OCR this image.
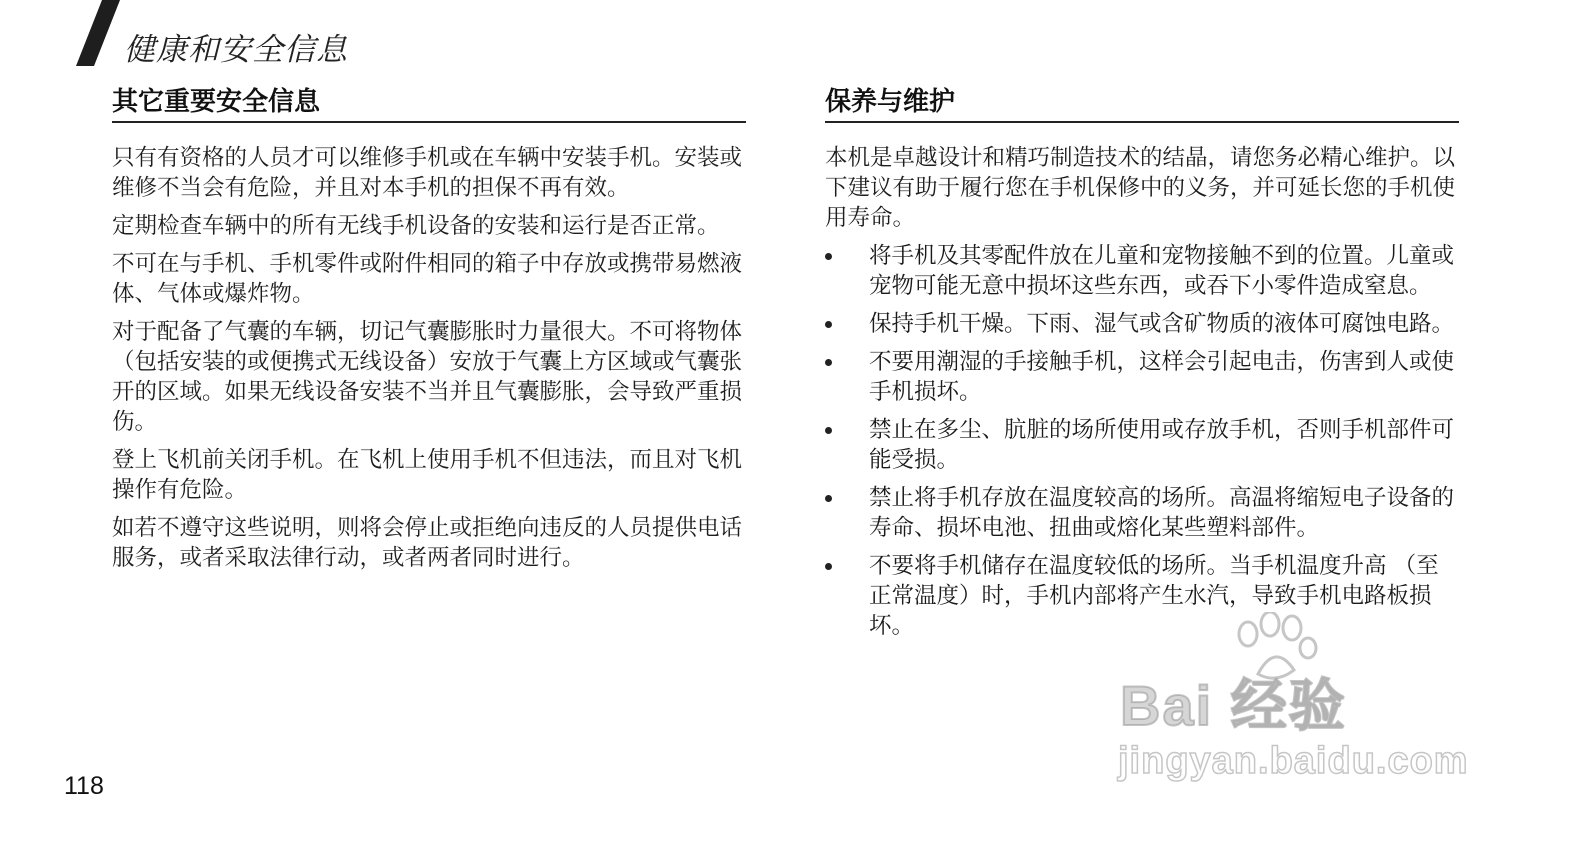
健康和安全信息
其它重要安全信息

只有有资格的人员才可以维修手机或在车辆中安装手机。安装或维修不当会有危险，并且对本手机的担保不再有效。

定期检查车辆中的所有无线手机设备的安装和运行是否正常。

不可在与手机、手机零件或附件相同的箱子中存放或携带易燃液体、气体或爆炸物。

对于配备了气囊的车辆，切记气囊膨胀时力量很大。不可将物体 （包括安装的或便携式无线设备）安放于气囊上方区域或气囊张开的区域。如果无线设备安装不当并且气囊膨胀，会导致严重损伤。

登上飞机前关闭手机。在飞机上使用手机不但违法，而且对飞机操作有危险。

如若不遵守这些说明，则将会停止或拒绝向违反的人员提供电话服务，或者采取法律行动，或者两者同时进行。

保养与维护

本机是卓越设计和精巧制造技术的结晶，请您务必精心维护。以下建议有助于履行您在手机保修中的义务，并可延长您的手机使用寿命。

将手机及其零配件放在儿童和宠物接触不到的位置。儿童或宠物可能无意中损坏这些东西，或吞下小零件造成窒息。
保持手机干燥。下雨、湿气或含矿物质的液体可腐蚀电路。
不要用潮湿的手接触手机，这样会引起电击，伤害到人或使手机损坏。
禁止在多尘、肮脏的场所使用或存放手机，否则手机部件可能受损。
禁止将手机存放在温度较高的场所。高温将缩短电子设备的寿命、损坏电池、扭曲或熔化某些塑料部件。
不要将手机储存在温度较低的场所。当手机温度升高 （至正常温度）时，手机内部将产生水汽，导致手机电路板损坏。
118
Bai 经验
jingyan.baidu.com
